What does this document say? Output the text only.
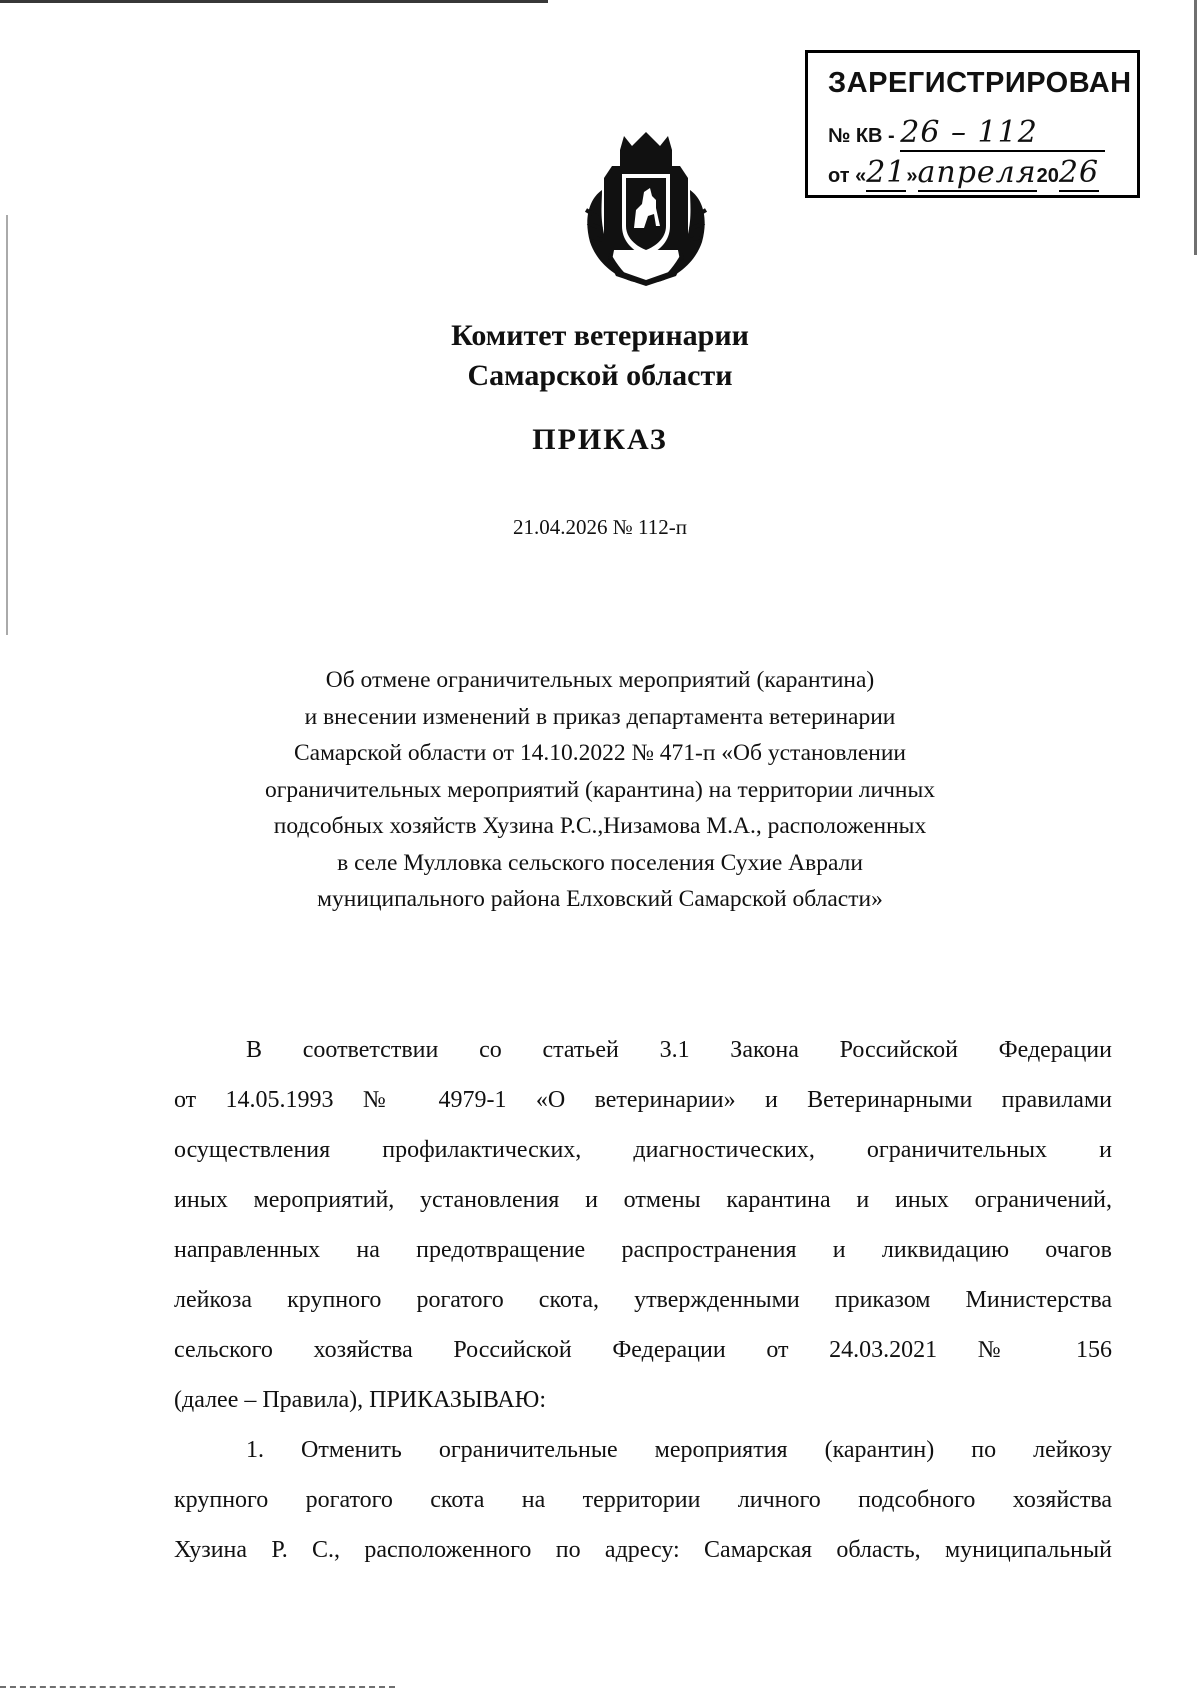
ЗАРЕГИСТРИРОВАН
№ КВ - 26 – 112
от «21»апреля2026
Комитет ветеринарии
Самарской области
ПРИКАЗ
21.04.2026 № 112-п
Об отмене ограничительных мероприятий (карантина)
и внесении изменений в приказ департамента ветеринарии
Самарской области от 14.10.2022 № 471-п «Об установлении
ограничительных мероприятий (карантина) на территории личных
подсобных хозяйств Хузина Р.С.,Низамова М.А., расположенных
в селе Мулловка сельского поселения Сухие Аврали
муниципального района Елховский Самарской области»
В соответствии со статьей 3.1 Закона Российской Федерации
от 14.05.1993 № 4979-1 «О ветеринарии» и Ветеринарными правилами
осуществления профилактических, диагностических, ограничительных и
иных мероприятий, установления и отмены карантина и иных ограничений,
направленных на предотвращение распространения и ликвидацию очагов
лейкоза крупного рогатого скота, утвержденными приказом Министерства
сельского хозяйства Российской Федерации от 24.03.2021 № 156
(далее – Правила), ПРИКАЗЫВАЮ:
1. Отменить ограничительные мероприятия (карантин) по лейкозу
крупного рогатого скота на территории личного подсобного хозяйства
Хузина Р. С., расположенного по адресу: Самарская область, муниципальный
